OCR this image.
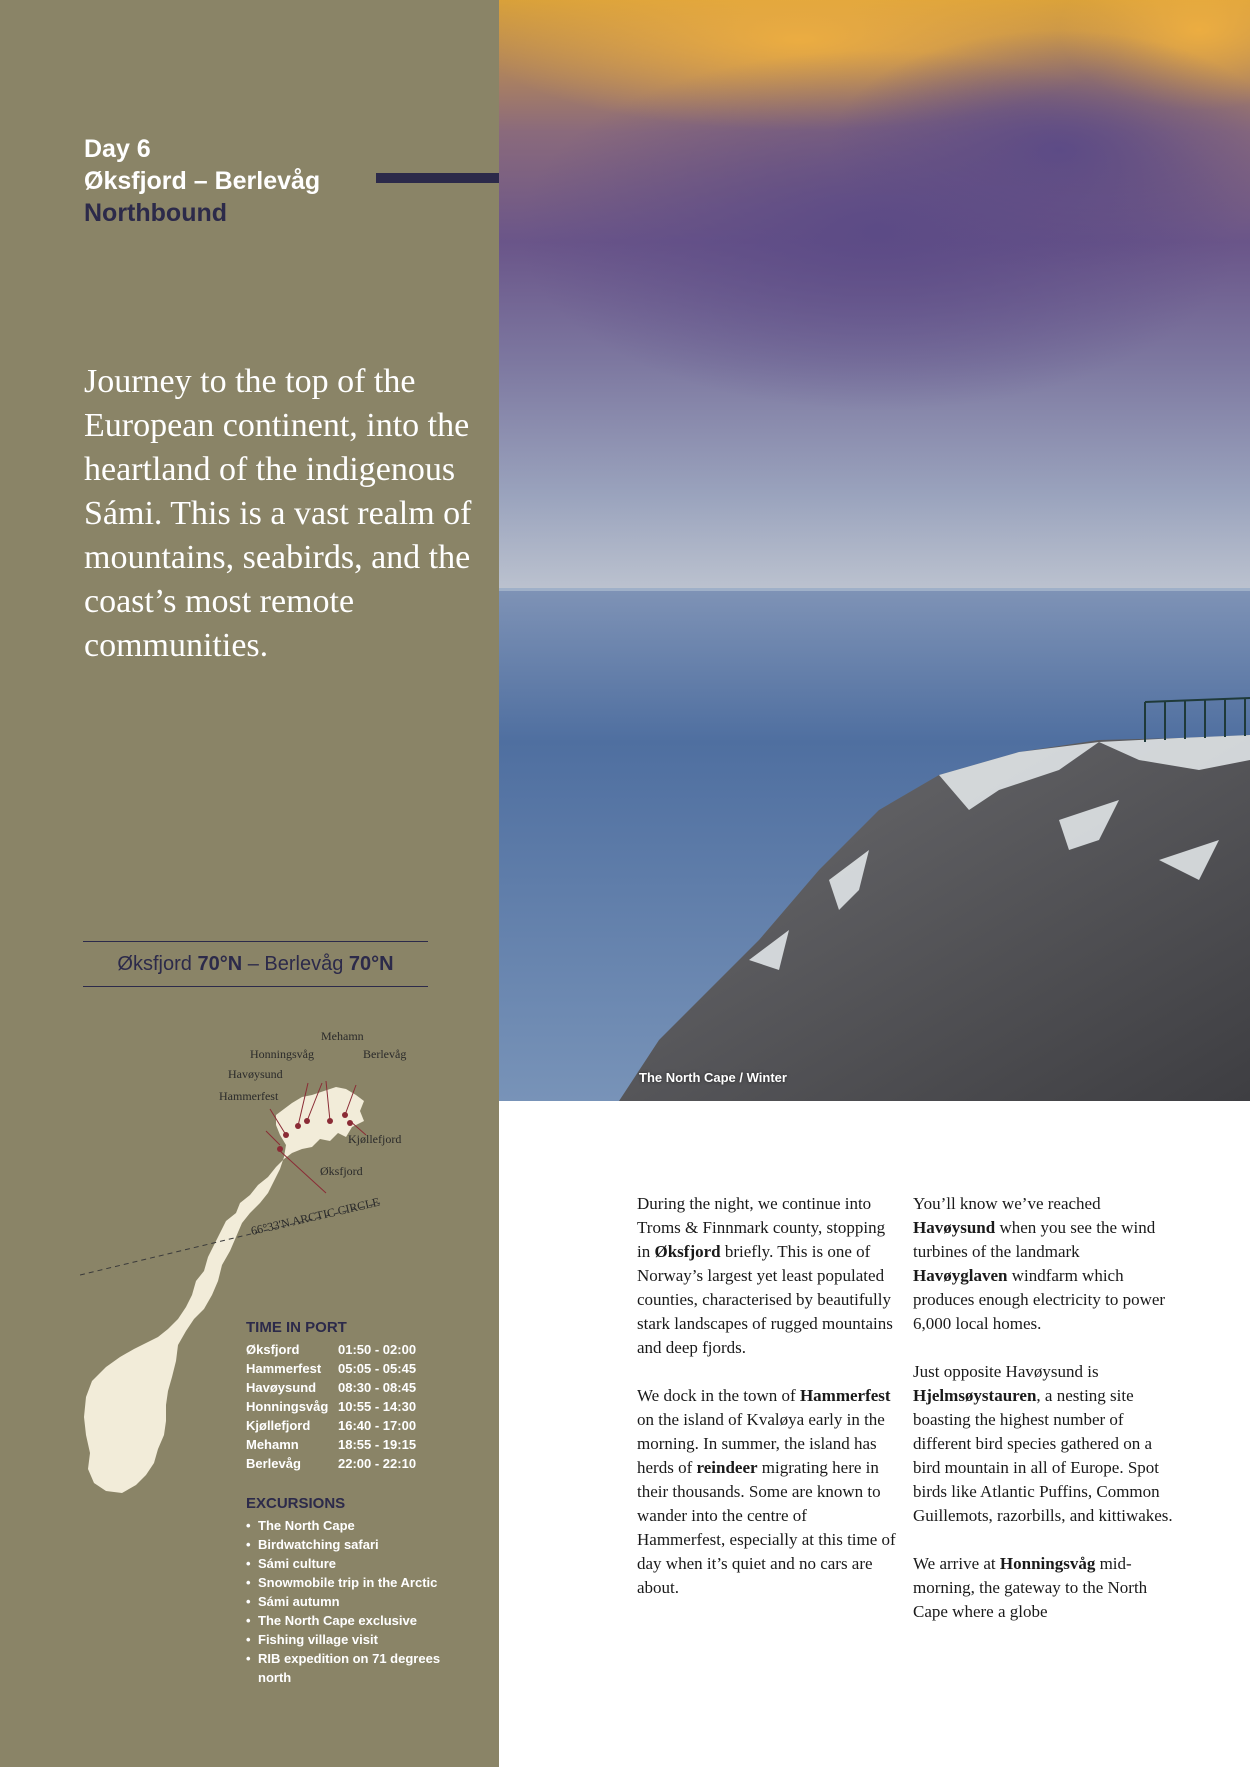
Day 6
Øksfjord – Berlevåg
Northbound
Journey to the top of the European continent, into the heartland of the indigenous Sámi. This is a vast realm of mountains, seabirds, and the coast’s most remote communities.
Øksfjord 70°N – Berlevåg 70°N
66°33'N ARCTIC CIRCLE
Mehamn
Honningsvåg	Berlevåg
Havøysund
Hammerfest
Kjøllefjord
Øksfjord
TIME IN PORT
Øksfjord	01:50 - 02:00
Hammerfest 05:05 - 05:45
Havøysund 08:30 - 08:45
Honningsvåg 10:55 - 14:30
Kjøllefjord 16:40 - 17:00
Mehamn	18:55 - 19:15
Berlevåg	22:00 - 22:10
EXCURSIONS
• The North Cape
• Birdwatching safari
• Sámi culture
• Snowmobile trip in the Arctic
• Sámi autumn
• The North Cape exclusive
• Fishing village visit
• RIB expedition on 71 degrees north
The North Cape / Winter

During the night, we continue into Troms & Finnmark county, stopping in Øksfjord briefly. This is one of Norway’s largest yet least populated counties, characterised by beautifully stark landscapes of rugged mountains and deep fjords.

We dock in the town of Hammerfest on the island of Kvaløya early in the morning. In summer, the island has herds of reindeer migrating here in their thousands. Some are known to wander into the centre of Hammerfest, especially at this time of day when it’s quiet and no cars are about.

You’ll know we’ve reached Havøysund when you see the wind turbines of the landmark Havøyglaven windfarm which produces enough electricity to power 6,000 local homes.

Just opposite Havøysund is Hjelmsøystauren, a nesting site boasting the highest number of different bird species gathered on a bird mountain in all of Europe. Spot birds like Atlantic Puffins, Common Guillemots, razorbills, and kittiwakes.

We arrive at Honningsvåg mid-morning, the gateway to the North Cape where a globe
